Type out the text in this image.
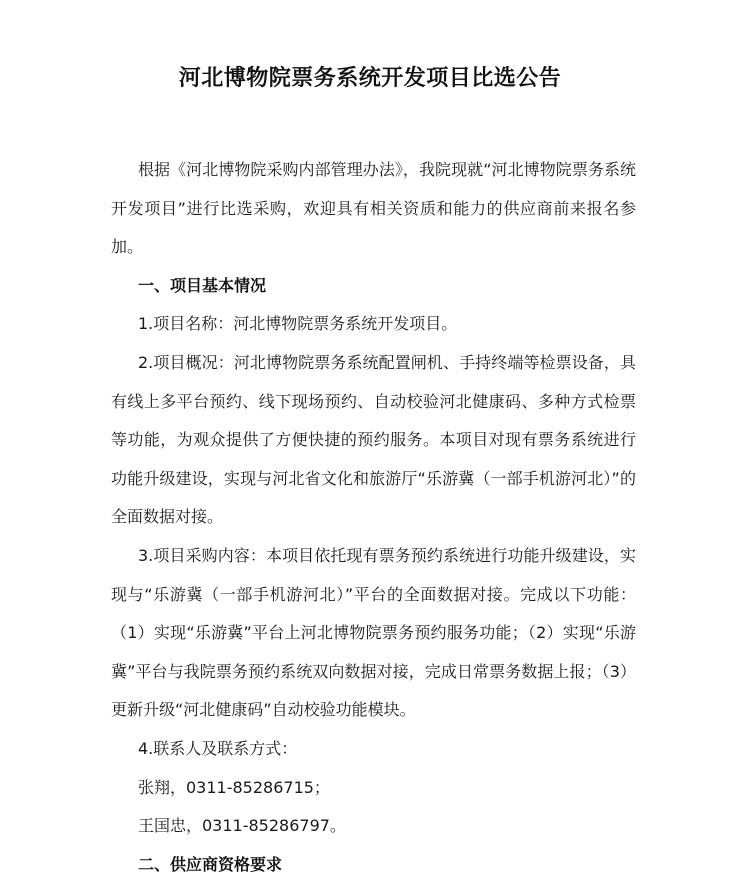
河北博物院票务系统开发项目比选公告

根据《河北博物院采购内部管理办法》，我院现就“河北博物院票务系统开发项目”进行比选采购，欢迎具有相关资质和能力的供应商前来报名参加。

一、项目基本情况

1.项目名称：河北博物院票务系统开发项目。

2.项目概况：河北博物院票务系统配置闸机、手持终端等检票设备，具有线上多平台预约、线下现场预约、自动校验河北健康码、多种方式检票等功能，为观众提供了方便快捷的预约服务。本项目对现有票务系统进行功能升级建设，实现与河北省文化和旅游厅“乐游冀（一部手机游河北）”的全面数据对接。

3.项目采购内容：本项目依托现有票务预约系统进行功能升级建设，实现与“乐游冀（一部手机游河北）”平台的全面数据对接。完成以下功能：（1）实现“乐游冀”平台上河北博物院票务预约服务功能；（2）实现“乐游冀”平台与我院票务预约系统双向数据对接，完成日常票务数据上报；（3）更新升级“河北健康码”自动校验功能模块。

4.联系人及联系方式：

张翔，0311-85286715；

王国忠，0311-85286797。

二、供应商资格要求
